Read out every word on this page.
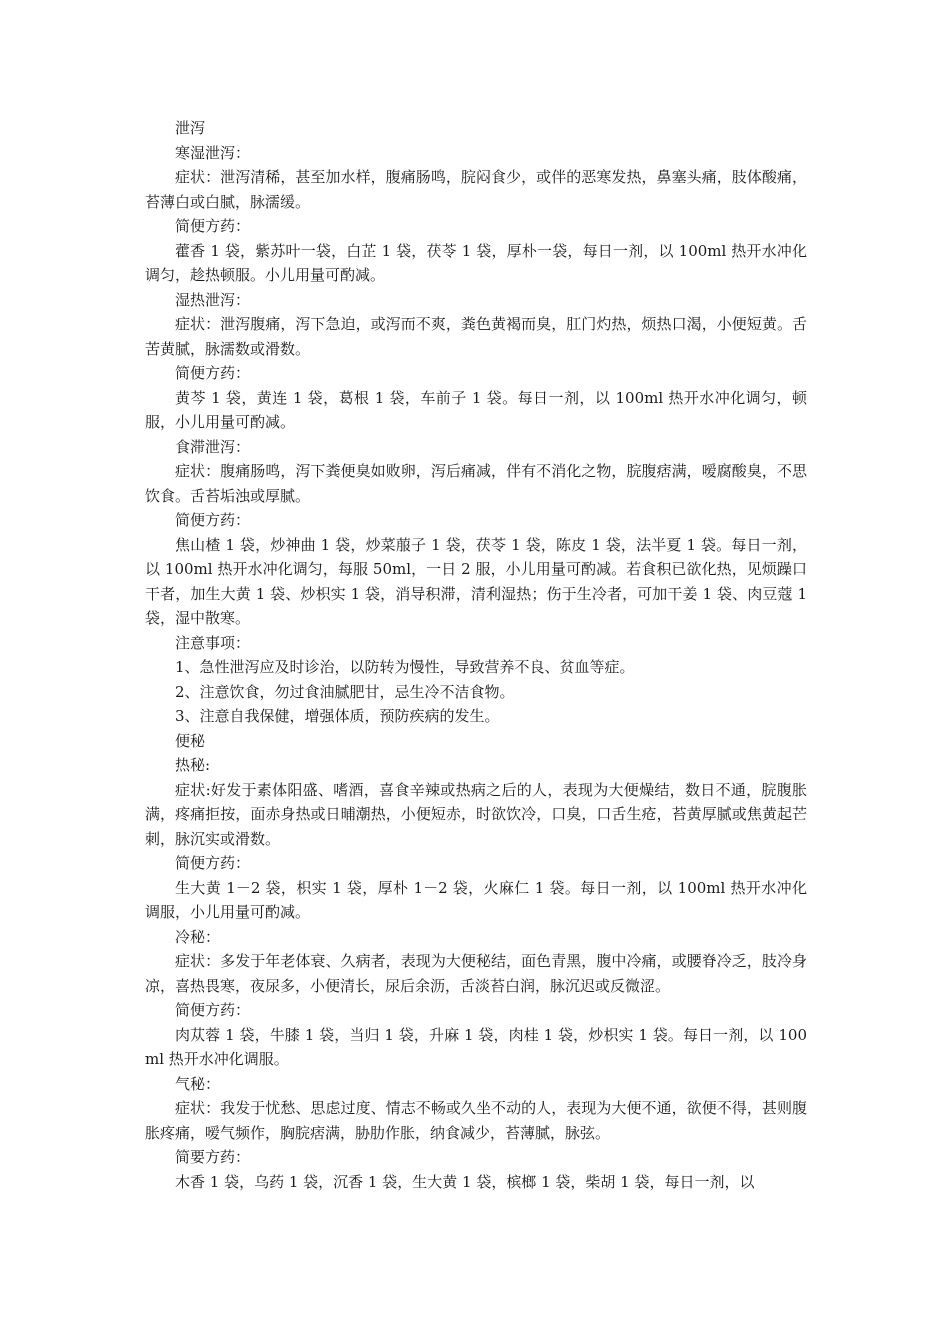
泄泻

寒湿泄泻：

症状：泄泻清稀，甚至加水样，腹痛肠鸣，脘闷食少，或伴的恶寒发热，鼻塞头痛，肢体酸痛，苔薄白或白腻，脉濡缓。

简便方药：

藿香 1 袋，紫苏叶一袋，白芷 1 袋，茯苓 1 袋，厚朴一袋，每日一剂，以 100ml 热开水冲化调匀，趁热顿服。小儿用量可酌减。

湿热泄泻：

症状：泄泻腹痛，泻下急迫，或泻而不爽，粪色黄褐而臭，肛门灼热，烦热口渴，小便短黄。舌苦黄腻，脉濡数或滑数。

简便方药：

黄芩 1 袋，黄连 1 袋，葛根 1 袋，车前子 1 袋。每日一剂，以 100ml 热开水冲化调匀，顿服，小儿用量可酌减。

食滞泄泻：

症状：腹痛肠鸣，泻下粪便臭如败卵，泻后痛减，伴有不消化之物，脘腹痞满，嗳腐酸臭，不思饮食。舌苔垢浊或厚腻。

简便方药：

焦山楂 1 袋，炒神曲 1 袋，炒菜菔子 1 袋，茯苓 1 袋，陈皮 1 袋，法半夏 1 袋。每日一剂，以 100ml 热开水冲化调匀，每服 50ml，一日 2 服，小儿用量可酌减。若食积已欲化热，见烦躁口干者，加生大黄 1 袋、炒枳实 1 袋，消导积滞，清利湿热；伤于生冷者，可加干姜 1 袋、肉豆蔻 1 袋，湿中散寒。

注意事项：

1、急性泄泻应及时诊治，以防转为慢性，导致营养不良、贫血等症。

2、注意饮食，勿过食油腻肥甘，忌生冷不洁食物。

3、注意自我保健，增强体质，预防疾病的发生。

便秘

热秘:

症状:好发于素体阳盛、嗜酒，喜食辛辣或热病之后的人，表现为大便燥结，数日不通，脘腹胀满，疼痛拒按，面赤身热或日晡潮热，小便短赤，时欲饮冷，口臭，口舌生疮，苔黄厚腻或焦黄起芒刺，脉沉实或滑数。

简便方药：

生大黄 1－2 袋，枳实 1 袋，厚朴 1－2 袋，火麻仁 1 袋。每日一剂，以 100ml 热开水冲化调服，小儿用量可酌减。

冷秘：

症状：多发于年老体衰、久病者，表现为大便秘结，面色青黑，腹中冷痛，或腰脊冷乏，肢冷身凉，喜热畏寒，夜尿多，小便清长，尿后余沥，舌淡苔白润，脉沉迟或反微涩。

简便方药：

肉苁蓉 1 袋，牛膝 1 袋，当归 1 袋，升麻 1 袋，肉桂 1 袋，炒枳实 1 袋。每日一剂，以 100ml 热开水冲化调服。

气秘：

症状：我发于忧愁、思虑过度、情志不畅或久坐不动的人，表现为大便不通，欲便不得，甚则腹胀疼痛，嗳气频作，胸脘痞满，胁肋作胀，纳食减少，苔薄腻，脉弦。

简要方药：

木香 1 袋，乌药 1 袋，沉香 1 袋，生大黄 1 袋，槟榔 1 袋，柴胡 1 袋，每日一剂，以
